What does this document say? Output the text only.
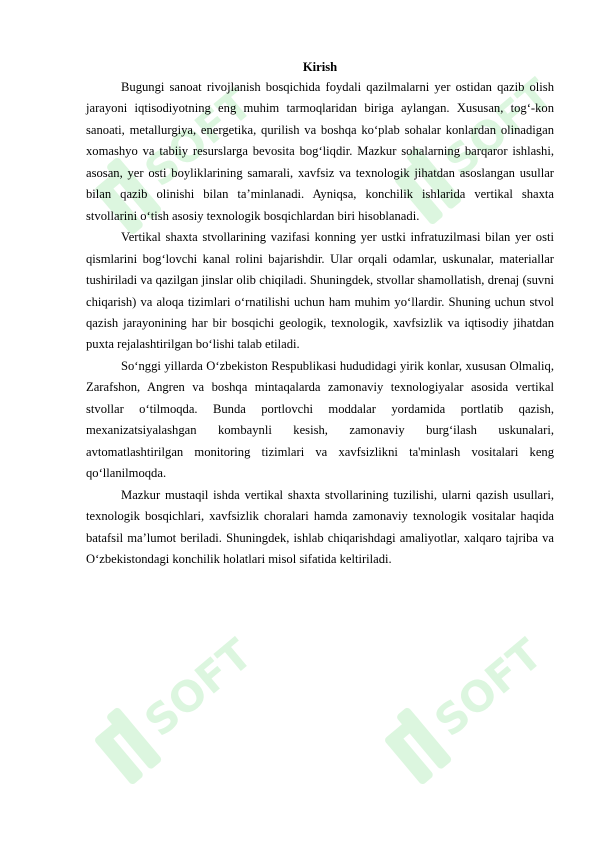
SOFT	SOFT
SOFT	SOFT
Kirish

Bugungi sanoat rivojlanish bosqichida foydali qazilmalarni yer ostidan qazib olish jarayoni iqtisodiyotning eng muhim tarmoqlaridan biriga aylangan. Xususan, tog‘-kon sanoati, metallurgiya, energetika, qurilish va boshqa ko‘plab sohalar konlardan olinadigan xomashyo va tabiiy resurslarga bevosita bog‘liqdir. Mazkur sohalarning barqaror ishlashi, asosan, yer osti boyliklarining samarali, xavfsiz va texnologik jihatdan asoslangan usullar bilan qazib olinishi bilan ta’minlanadi. Ayniqsa, konchilik ishlarida vertikal shaxta stvollarini o‘tish asosiy texnologik bosqichlardan biri hisoblanadi.

Vertikal shaxta stvollarining vazifasi konning yer ustki infratuzilmasi bilan yer osti qismlarini bog‘lovchi kanal rolini bajarishdir. Ular orqali odamlar, uskunalar, materiallar tushiriladi va qazilgan jinslar olib chiqiladi. Shuningdek, stvollar shamollatish, drenaj (suvni chiqarish) va aloqa tizimlari o‘rnatilishi uchun ham muhim yo‘llardir. Shuning uchun stvol qazish jarayonining har bir bosqichi geologik, texnologik, xavfsizlik va iqtisodiy jihatdan puxta rejalashtirilgan bo‘lishi talab etiladi.

So‘nggi yillarda O‘zbekiston Respublikasi hududidagi yirik konlar, xususan Olmaliq, Zarafshon, Angren va boshqa mintaqalarda zamonaviy texnologiyalar asosida vertikal stvollar o‘tilmoqda. Bunda portlovchi moddalar yordamida portlatib qazish, mexanizatsiyalashgan kombaynli kesish, zamonaviy burg‘ilash uskunalari, avtomatlashtirilgan monitoring tizimlari va xavfsizlikni ta'minlash vositalari keng qo‘llanilmoqda.

Mazkur mustaqil ishda vertikal shaxta stvollarining tuzilishi, ularni qazish usullari, texnologik bosqichlari, xavfsizlik choralari hamda zamonaviy texnologik vositalar haqida batafsil ma’lumot beriladi. Shuningdek, ishlab chiqarishdagi amaliyotlar, xalqaro tajriba va O‘zbekistondagi konchilik holatlari misol sifatida keltiriladi.
